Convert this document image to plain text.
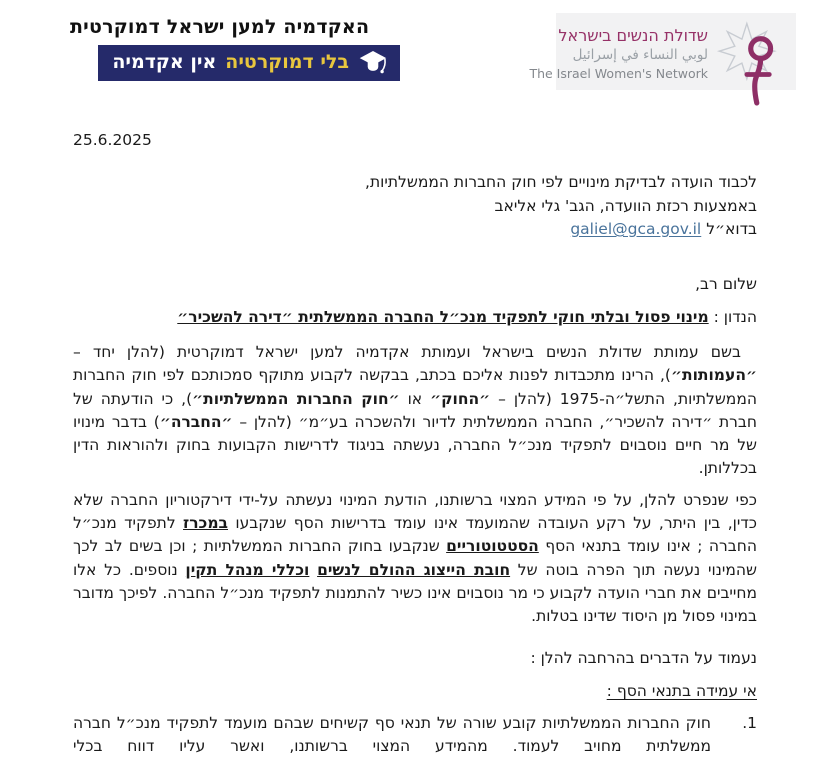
האקדמיה למען ישראל דמוקרטית
בלי דמוקרטיה
אין אקדמיה
שדולת הנשים בישראל
لوبي النساء في إسرائيل
The Israel Women's Network
25.6.2025
לכבוד הועדה לבדיקת מינויים לפי חוק החברות הממשלתיות,
באמצעות רכזת הוועדה, הגב' גלי אליאב
בדוא״ל galiel@gca.gov.il
שלום רב,
הנדון : מינוי פסול ובלתי חוקי לתפקיד מנכ״ל החברה הממשלתית ״דירה להשכיר״

בשם עמותת שדולת הנשים בישראל ועמותת אקדמיה למען ישראל דמוקרטית (להלן יחד – ״העמותות״), הרינו מתכבדות לפנות אליכם בכתב, בבקשה לקבוע מתוקף סמכותכם לפי חוק החברות הממשלתיות, התשל״ה-1975 (להלן – ״החוק״ או ״חוק החברות הממשלתיות״), כי הודעתה של חברת ״דירה להשכיר״, החברה הממשלתית לדיור ולהשכרה בע״מ״ (להלן – ״החברה״) בדבר מינויו של מר חיים נוסבוים לתפקיד מנכ״ל החברה, נעשתה בניגוד לדרישות הקבועות בחוק ולהוראות הדין בכללותן.

כפי שנפרט להלן, על פי המידע המצוי ברשותנו, הודעת המינוי נעשתה על-ידי דירקטוריון החברה שלא כדין, בין היתר, על רקע העובדה שהמועמד אינו עומד בדרישות הסף שנקבעו במכרז לתפקיד מנכ״ל החברה ; אינו עומד בתנאי הסף הסטטוטוריים שנקבעו בחוק החברות הממשלתיות ; וכן בשים לב לכך שהמינוי נעשה תוך הפרה בוטה של חובת הייצוג ההולם לנשים וכללי מנהל תקין נוספים. כל אלו מחייבים את חברי הועדה לקבוע כי מר נוסבוים אינו כשיר להתמנות לתפקיד מנכ״ל החברה. לפיכך מדובר במינוי פסול מן היסוד שדינו בטלות.

נעמוד על הדברים בהרחבה להלן :

אי עמידה בתנאי הסף :

1.
חוק החברות הממשלתיות קובע שורה של תנאי סף קשיחים שבהם מועמד לתפקיד מנכ״ל חברה ממשלתית מחויב לעמוד. מהמידע המצוי ברשותנו, ואשר עליו דווח בכלי
